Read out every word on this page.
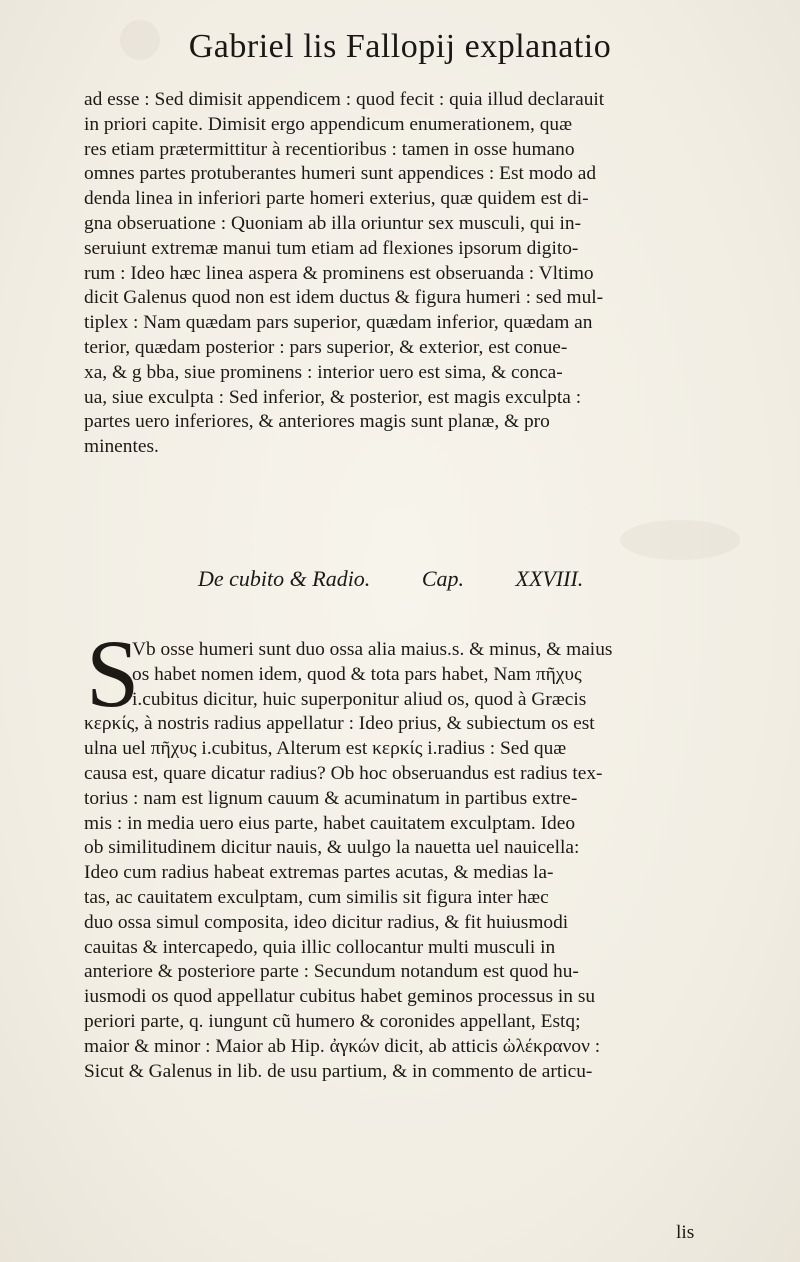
Gabriel lis Fallopij explanatio
ad esse : Sed dimisit appendicem : quod fecit : quia illud declarauit
in priori capite. Dimisit ergo appendicum enumerationem, quæ
res etiam prætermittitur à recentioribus : tamen in osse humano
omnes partes protuberantes humeri sunt appendices : Est modo ad
denda linea in inferiori parte homeri exterius, quæ quidem est di-
gna obseruatione : Quoniam ab illa oriuntur sex musculi, qui in-
seruiunt extremæ manui tum etiam ad flexiones ipsorum digito-
rum : Ideo hæc linea aspera & prominens est obseruanda : Vltimo
dicit Galenus quod non est idem ductus & figura humeri : sed mul-
tiplex : Nam quædam pars superior, quædam inferior, quædam an
terior, quædam posterior : pars superior, & exterior, est conue-
xa, & g bba, siue prominens : interior uero est sima, & conca-
ua, siue exculpta : Sed inferior, & posterior, est magis exculpta :
partes uero inferiores, & anteriores magis sunt planæ, & pro
minentes.
De cubito & Radio. Cap. XXVIII.
S
Vb osse humeri sunt duo ossa alia maius.s. & minus, & maius
os habet nomen idem, quod & tota pars habet, Nam πῆχυς
i.cubitus dicitur, huic superponitur aliud os, quod à Græcis
κερκίς, à nostris radius appellatur : Ideo prius, & subiectum os est
ulna uel πῆχυς i.cubitus, Alterum est κερκίς i.radius : Sed quæ
causa est, quare dicatur radius? Ob hoc obseruandus est radius tex-
torius : nam est lignum cauum & acuminatum in partibus extre-
mis : in media uero eius parte, habet cauitatem exculptam. Ideo
ob similitudinem dicitur nauis, & uulgo la nauetta uel nauicella:
Ideo cum radius habeat extremas partes acutas, & medias la-
tas, ac cauitatem exculptam, cum similis sit figura inter hæc
duo ossa simul composita, ideo dicitur radius, & fit huiusmodi
cauitas & intercapedo, quia illic collocantur multi musculi in
anteriore & posteriore parte : Secundum notandum est quod hu-
iusmodi os quod appellatur cubitus habet geminos processus in su
periori parte, q. iungunt cũ humero & coronides appellant, Estq;
maior & minor : Maior ab Hip. ἀγκών dicit, ab atticis ὠλέκρανον :
Sicut & Galenus in lib. de usu partium, & in commento de articu-
lis
